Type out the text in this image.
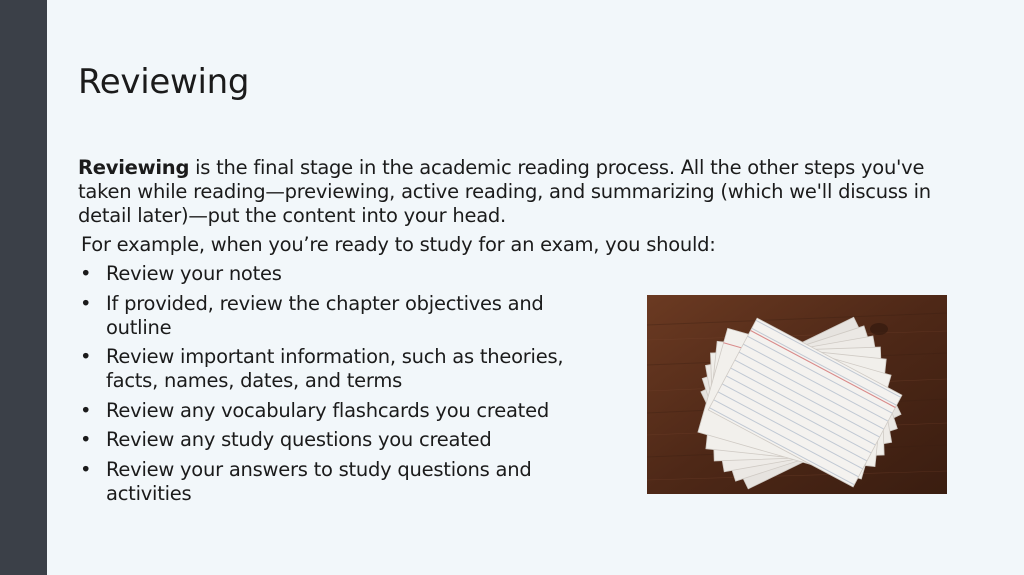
Reviewing

Reviewing is the final stage in the academic reading process. All the other steps you've taken while reading—previewing, active reading, and summarizing (which we'll discuss in detail later)—put the content into your head.

For example, when you’re ready to study for an exam, you should:

• Review your notes
• If provided, review the chapter objectives and outline
• Review important information, such as theories, facts, names, dates, and terms
• Review any vocabulary flashcards you created
• Review any study questions you created
• Review your answers to study questions and activities
